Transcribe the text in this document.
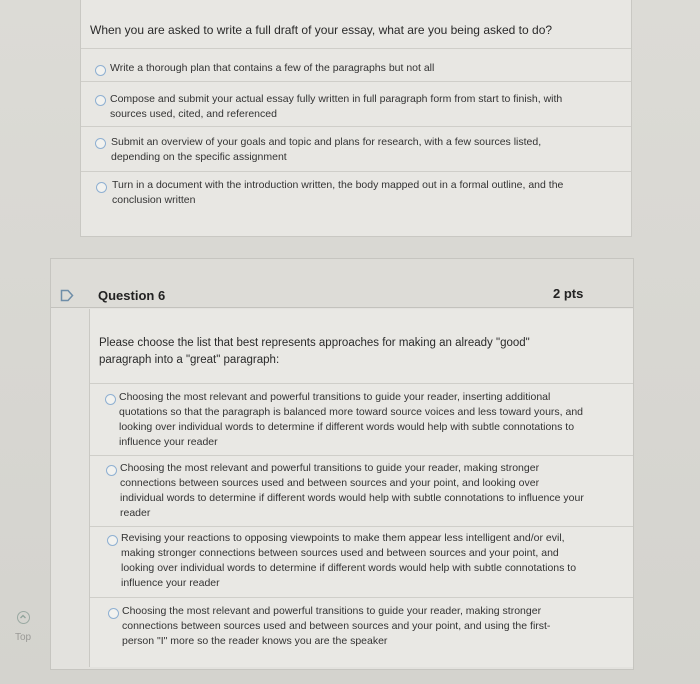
When you are asked to write a full draft of your essay, what are you being asked to do?
Write a thorough plan that contains a few of the paragraphs but not all
Compose and submit your actual essay fully written in full paragraph form from start to finish, with sources used, cited, and referenced
Submit an overview of your goals and topic and plans for research, with a few sources listed, depending on the specific assignment
Turn in a document with the introduction written, the body mapped out in a formal outline, and the conclusion written
Question 6	2 pts
Please choose the list that best represents approaches for making an already "good" paragraph into a "great" paragraph:
Choosing the most relevant and powerful transitions to guide your reader, inserting additional quotations so that the paragraph is balanced more toward source voices and less toward yours, and looking over individual words to determine if different words would help with subtle connotations to influence your reader
Choosing the most relevant and powerful transitions to guide your reader, making stronger connections between sources used and between sources and your point, and looking over individual words to determine if different words would help with subtle connotations to influence your reader
Revising your reactions to opposing viewpoints to make them appear less intelligent and/or evil, making stronger connections between sources used and between sources and your point, and looking over individual words to determine if different words would help with subtle connotations to influence your reader
Choosing the most relevant and powerful transitions to guide your reader, making stronger connections between sources used and between sources and your point, and using the first-person "I" more so the reader knows you are the speaker
Top
